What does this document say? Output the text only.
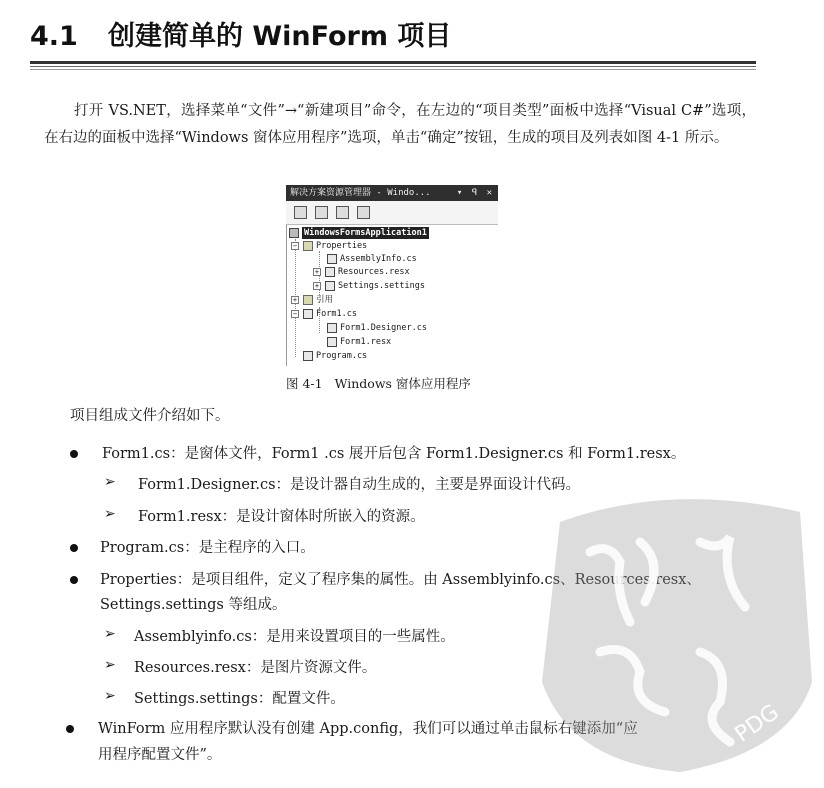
4.1 创建简单的 WinForm 项目

打开 VS.NET，选择菜单“文件”→“新建项目”命令，在左边的“项目类型”面板中选择“Visual C#”选项，在右边的面板中选择“Windows 窗体应用程序”选项，单击“确定”按钮，生成的项目及列表如图 4-1 所示。

解决方案资源管理器 - Windo...	▾ ꟼ ✕
WindowsFormsApplication1
− Properties
AssemblyInfo.cs
+ Resources.resx
+ Settings.settings
+ 引用
− Form1.cs
Form1.Designer.cs
Form1.resx
Program.cs
图 4-1 Windows 窗体应用程序
项目组成文件介绍如下。
Form1.cs：是窗体文件，Form1 .cs 展开后包含 Form1.Designer.cs 和 Form1.resx。
➢ Form1.Designer.cs：是设计器自动生成的，主要是界面设计代码。
➢ Form1.resx：是设计窗体时所嵌入的资源。
Program.cs：是主程序的入口。
Properties：是项目组件，定义了程序集的属性。由 Assemblyinfo.cs、Resources.resx、
Settings.settings 等组成。
➢ Assemblyinfo.cs：是用来设置项目的一些属性。
➢ Resources.resx：是图片资源文件。
➢ Settings.settings：配置文件。
WinForm 应用程序默认没有创建 App.config，我们可以通过单击鼠标右键添加“应
用程序配置文件”。
PDG
